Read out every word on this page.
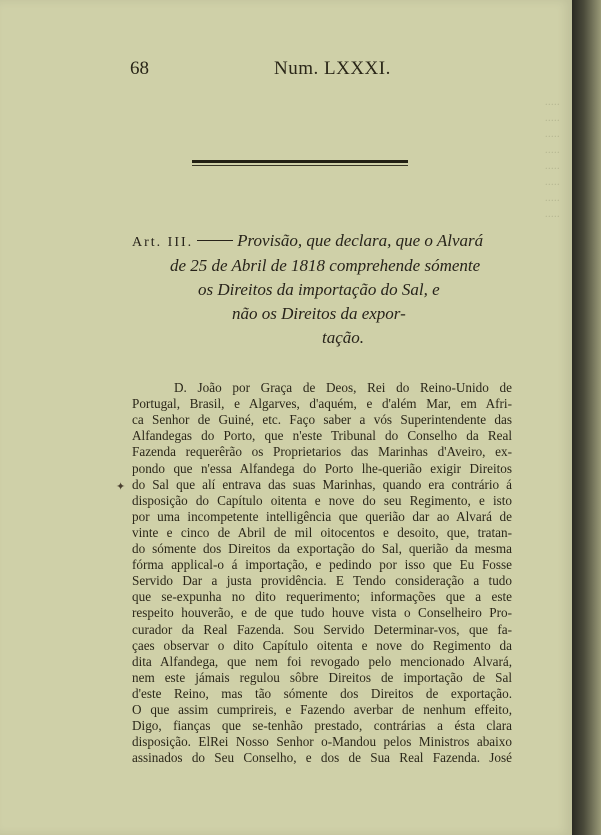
·····
·····
·····
·····
·····
·····
·····
·····
68	Num. LXXXI.
Art. III.	Provisão, que declara, que o Alvará
de 25 de Abril de 1818 comprehende sómente
os Direitos da importação do Sal, e
não os Direitos da expor-
tação.
✦
D. João por Graça de Deos, Rei do Reino-Unido de
Portugal, Brasil, e Algarves, d'aquém, e d'além Mar, em Afri-
ca Senhor de Guiné, etc. Faço saber a vós Superintendente das
Alfandegas do Porto, que n'este Tribunal do Conselho da Real
Fazenda requerêrão os Proprietarios das Marinhas d'Aveiro, ex-
pondo que n'essa Alfandega do Porto lhe-querião exigir Direitos
do Sal que alí entrava das suas Marinhas, quando era contrário á
disposição do Capítulo oitenta e nove do seu Regimento, e isto
por uma incompetente intelligência que querião dar ao Alvará de
vinte e cinco de Abril de mil oitocentos e desoito, que, tratan-
do sómente dos Direitos da exportação do Sal, querião da mesma
fórma applical-o á importação, e pedindo por isso que Eu Fosse
Servido Dar a justa providência. E Tendo consideração a tudo
que se-expunha no dito requerimento; informações que a este
respeito houverão, e de que tudo houve vista o Conselheiro Pro-
curador da Real Fazenda. Sou Servido Determinar-vos, que fa-
çaes observar o dito Capítulo oitenta e nove do Regimento da
dita Alfandega, que nem foi revogado pelo mencionado Alvará,
nem este jámais regulou sôbre Direitos de importação de Sal
d'este Reino, mas tão sómente dos Direitos de exportação.
O que assim cumprireis, e Fazendo averbar de nenhum effeito,
Digo, fianças que se-tenhão prestado, contrárias a ésta clara
disposição. ElRei Nosso Senhor o-Mandou pelos Ministros abaixo
assinados do Seu Conselho, e dos de Sua Real Fazenda. José
